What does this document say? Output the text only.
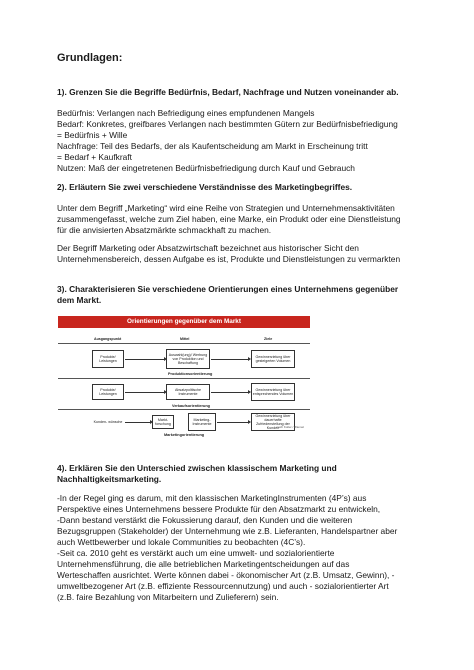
Grundlagen:
1). Grenzen Sie die Begriffe Bedürfnis, Bedarf, Nachfrage und Nutzen voneinander ab.
Bedürfnis: Verlangen nach Befriedigung eines empfundenen Mangels
Bedarf: Konkretes, greifbares Verlangen nach bestimmten Gütern zur Bedürfnisbefriedigung
= Bedürfnis + Wille
Nachfrage: Teil des Bedarfs, der als Kaufentscheidung am Markt in Erscheinung tritt
= Bedarf + Kaufkraft
Nutzen: Maß der eingetretenen Bedürfnisbefriedigung durch Kauf und Gebrauch
2). Erläutern Sie zwei verschiedene Verständnisse des Marketingbegriffes.
Unter dem Begriff „Marketing“ wird eine Reihe von Strategien und Unternehmensaktivitäten
zusammengefasst, welche zum Ziel haben, eine Marke, ein Produkt oder eine Dienstleistung
für die anvisierten Absatzmärkte schmackhaft zu machen.
Der Begriff Marketing oder Absatzwirtschaft bezeichnet aus historischer Sicht den
Unternehmensbereich, dessen Aufgabe es ist, Produkte und Dienstleistungen zu vermarkten
3). Charakterisieren Sie verschiedene Orientierungen eines Unternehmens gegenüber
dem Markt.
Orientierungen gegenüber dem Markt
Ausgangspunkt	Mittel	Ziele
Produkte/ Leistungen
Auswahl(ung)/ Werbung von Produktion und Beschaffung
Gewinnerzielung über gesteigerten Volumen
Produktionsorientierung
Produkte/ Leistungen
Absatzpolitische Instrumente
Gewinnerzielung über entsprechendes Volumen
Verkaufsorientierung
Kunden- wünsche
Markt- forschung
Marketing-Instrumente
Gewinnerzielung über dauerhafte Zufriedenstellung der Kunden
Marketingorientierung
nach Kotler / Bliemel
4). Erklären Sie den Unterschied zwischen klassischem Marketing und
Nachhaltigkeitsmarketing.
-In der Regel ging es darum, mit den klassischen MarketingInstrumenten (4P’s) aus
Perspektive eines Unternehmens bessere Produkte für den Absatzmarkt zu entwickeln,
-Dann bestand verstärkt die Fokussierung darauf, den Kunden und die weiteren
Bezugsgruppen (Stakeholder) der Unternehmung wie z.B. Lieferanten, Handelspartner aber
auch Wettbewerber und lokale Communities zu beobachten (4C’s).
-Seit ca. 2010 geht es verstärkt auch um eine umwelt- und sozialorientierte
Unternehmensführung, die alle betrieblichen Marketingentscheidungen auf das
Werteschaffen ausrichtet. Werte können dabei - ökonomischer Art (z.B. Umsatz, Gewinn), -
umweltbezogener Art (z.B. effiziente Ressourcennutzung) und auch - sozialorientierter Art
(z.B. faire Bezahlung von Mitarbeitern und Zulieferern) sein.
